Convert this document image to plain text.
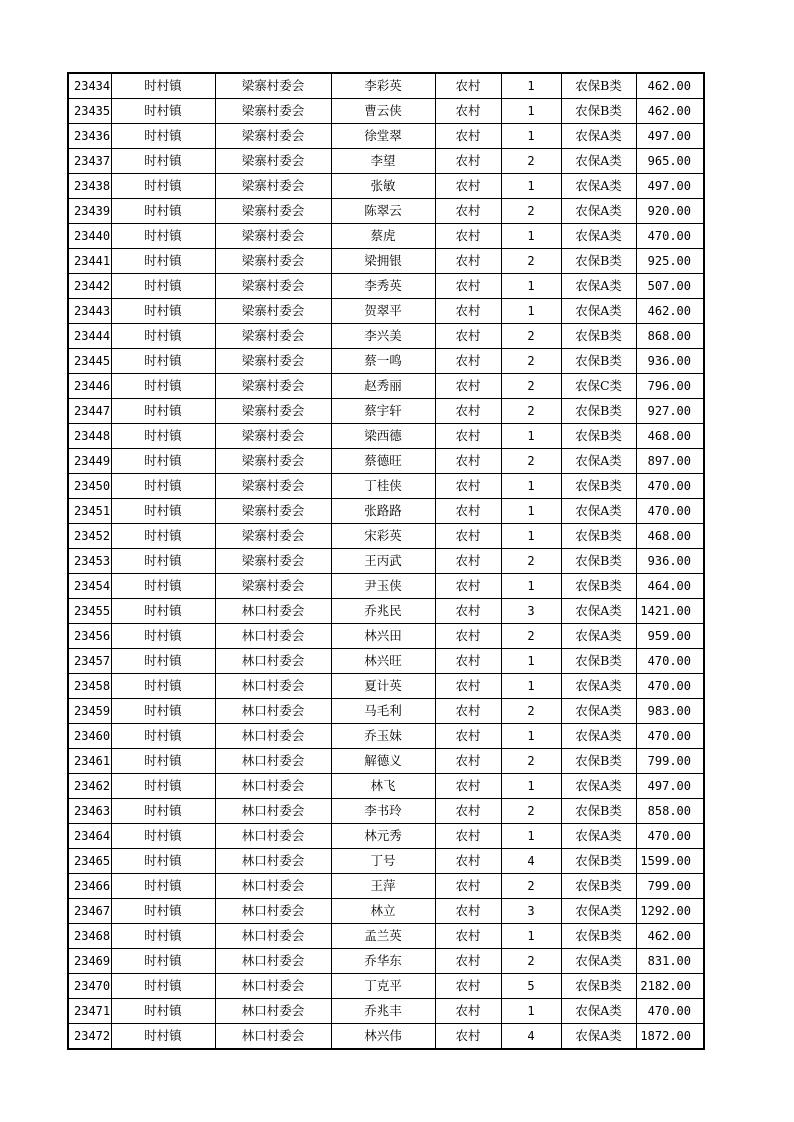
23434	时村镇	梁寨村委会	李彩英	农村	1	农保B类	462.00
23435	时村镇	梁寨村委会	曹云侠	农村	1	农保B类	462.00
23436	时村镇	梁寨村委会	徐堂翠	农村	1	农保A类	497.00
23437	时村镇	梁寨村委会	李望	农村	2	农保A类	965.00
23438	时村镇	梁寨村委会	张敏	农村	1	农保A类	497.00
23439	时村镇	梁寨村委会	陈翠云	农村	2	农保A类	920.00
23440	时村镇	梁寨村委会	蔡虎	农村	1	农保A类	470.00
23441	时村镇	梁寨村委会	梁拥银	农村	2	农保B类	925.00
23442	时村镇	梁寨村委会	李秀英	农村	1	农保A类	507.00
23443	时村镇	梁寨村委会	贺翠平	农村	1	农保A类	462.00
23444	时村镇	梁寨村委会	李兴美	农村	2	农保B类	868.00
23445	时村镇	梁寨村委会	蔡一鸣	农村	2	农保B类	936.00
23446	时村镇	梁寨村委会	赵秀丽	农村	2	农保C类	796.00
23447	时村镇	梁寨村委会	蔡宇轩	农村	2	农保B类	927.00
23448	时村镇	梁寨村委会	梁西德	农村	1	农保B类	468.00
23449	时村镇	梁寨村委会	蔡德旺	农村	2	农保A类	897.00
23450	时村镇	梁寨村委会	丁桂侠	农村	1	农保B类	470.00
23451	时村镇	梁寨村委会	张路路	农村	1	农保A类	470.00
23452	时村镇	梁寨村委会	宋彩英	农村	1	农保B类	468.00
23453	时村镇	梁寨村委会	王丙武	农村	2	农保B类	936.00
23454	时村镇	梁寨村委会	尹玉侠	农村	1	农保B类	464.00
23455	时村镇	林口村委会	乔兆民	农村	3	农保A类	1421.00
23456	时村镇	林口村委会	林兴田	农村	2	农保A类	959.00
23457	时村镇	林口村委会	林兴旺	农村	1	农保B类	470.00
23458	时村镇	林口村委会	夏计英	农村	1	农保A类	470.00
23459	时村镇	林口村委会	马毛利	农村	2	农保A类	983.00
23460	时村镇	林口村委会	乔玉妹	农村	1	农保A类	470.00
23461	时村镇	林口村委会	解德义	农村	2	农保B类	799.00
23462	时村镇	林口村委会	林飞	农村	1	农保A类	497.00
23463	时村镇	林口村委会	李书玲	农村	2	农保B类	858.00
23464	时村镇	林口村委会	林元秀	农村	1	农保A类	470.00
23465	时村镇	林口村委会	丁号	农村	4	农保B类	1599.00
23466	时村镇	林口村委会	王萍	农村	2	农保B类	799.00
23467	时村镇	林口村委会	林立	农村	3	农保A类	1292.00
23468	时村镇	林口村委会	孟兰英	农村	1	农保B类	462.00
23469	时村镇	林口村委会	乔华东	农村	2	农保A类	831.00
23470	时村镇	林口村委会	丁克平	农村	5	农保B类	2182.00
23471	时村镇	林口村委会	乔兆丰	农村	1	农保A类	470.00
23472	时村镇	林口村委会	林兴伟	农村	4	农保A类	1872.00
